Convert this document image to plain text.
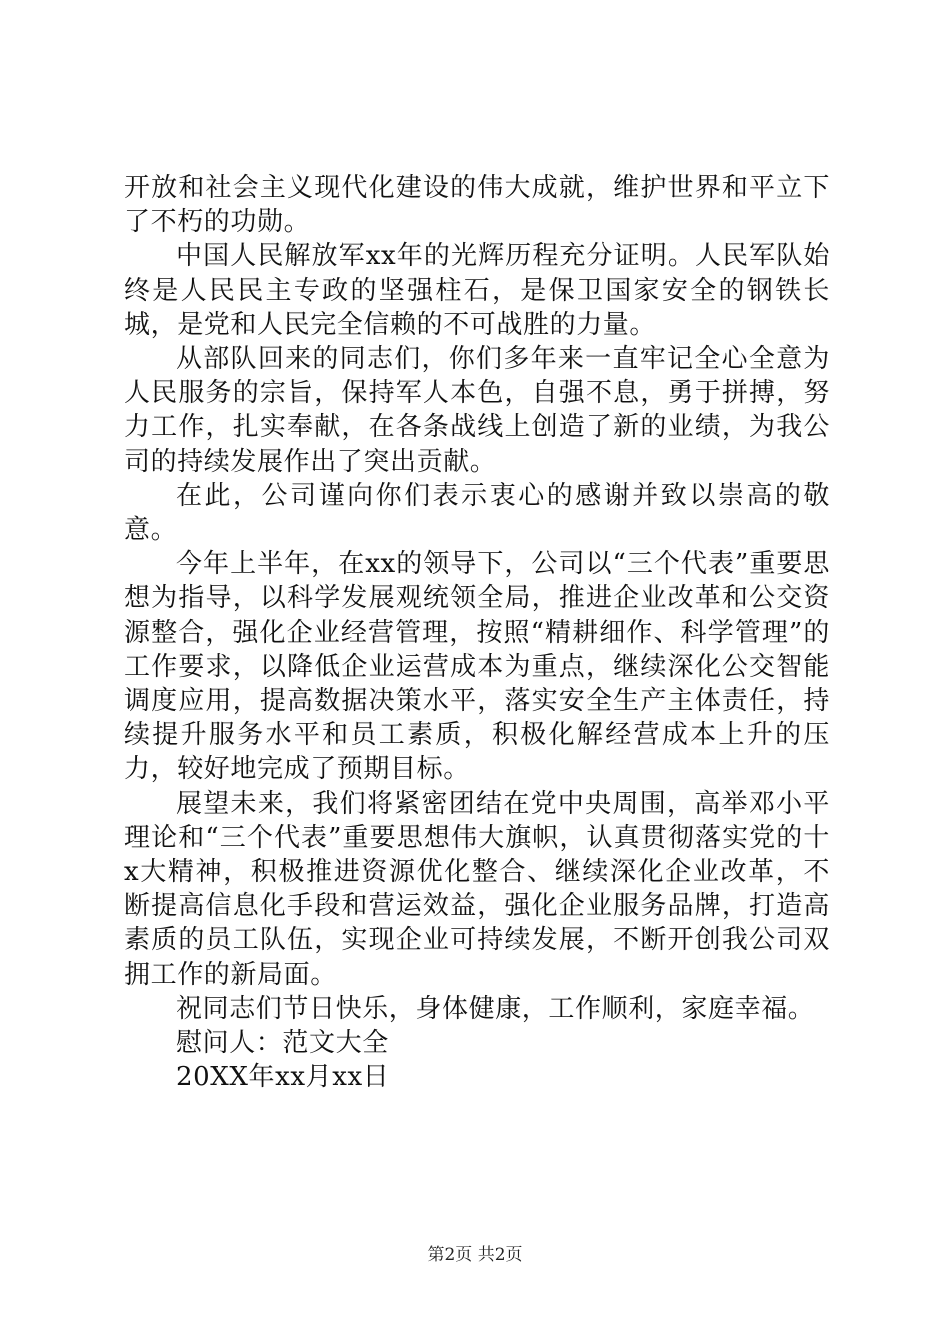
开放和社会主义现代化建设的伟大成就，维护世界和平立下了不朽的功勋。

中国人民解放军xx年的光辉历程充分证明。人民军队始终是人民民主专政的坚强柱石，是保卫国家安全的钢铁长城，是党和人民完全信赖的不可战胜的力量。

从部队回来的同志们，你们多年来一直牢记全心全意为人民服务的宗旨，保持军人本色，自强不息，勇于拼搏，努力工作，扎实奉献，在各条战线上创造了新的业绩，为我公司的持续发展作出了突出贡献。

在此，公司谨向你们表示衷心的感谢并致以崇高的敬意。

今年上半年，在xx的领导下，公司以“三个代表”重要思想为指导，以科学发展观统领全局，推进企业改革和公交资源整合，强化企业经营管理，按照“精耕细作、科学管理”的工作要求，以降低企业运营成本为重点，继续深化公交智能调度应用，提高数据决策水平，落实安全生产主体责任，持续提升服务水平和员工素质，积极化解经营成本上升的压力，较好地完成了预期目标。

展望未来，我们将紧密团结在党中央周围，高举邓小平理论和“三个代表”重要思想伟大旗帜，认真贯彻落实党的十x大精神，积极推进资源优化整合、继续深化企业改革，不断提高信息化手段和营运效益，强化企业服务品牌，打造高素质的员工队伍，实现企业可持续发展，不断开创我公司双拥工作的新局面。

祝同志们节日快乐，身体健康，工作顺利，家庭幸福。

慰问人：范文大全

20XX年xx月xx日

第2页 共2页
